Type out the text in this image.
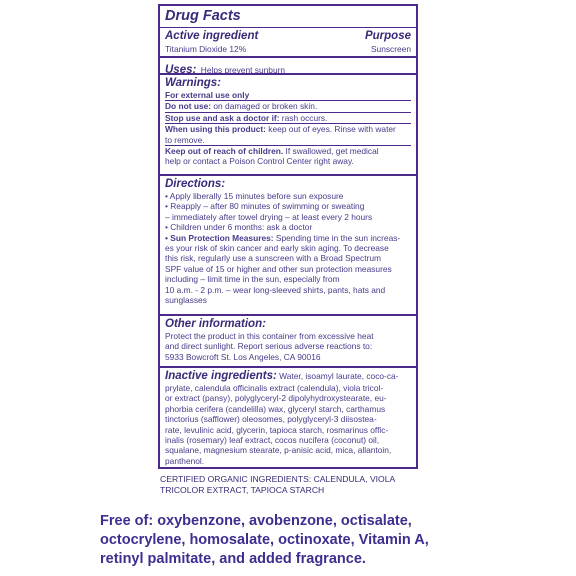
Drug Facts
Active ingredient	Purpose
Titanium Dioxide 12%	Sunscreen
Uses: Helps prevent sunburn
Warnings:
For external use only
Do not use: on damaged or broken skin.
Stop use and ask a doctor if: rash occurs.
When using this product: keep out of eyes. Rinse with water
to remove.
Keep out of reach of children. If swallowed, get medical
help or contact a Poison Control Center right away.
Directions:
• Apply liberally 15 minutes before sun exposure
• Reapply – after 80 minutes of swimming or sweating
– immediately after towel drying – at least every 2 hours
• Children under 6 months: ask a doctor
• Sun Protection Measures: Spending time in the sun increas-
es your risk of skin cancer and early skin aging. To decrease
this risk, regularly use a sunscreen with a Broad Spectrum
SPF value of 15 or higher and other sun protection measures
including – limit time in the sun, especially from
10 a.m. - 2 p.m. – wear long-sleeved shirts, pants, hats and
sunglasses
Other information:
Protect the product in this container from excessive heat
and direct sunlight. Report serious adverse reactions to:
5933 Bowcroft St. Los Angeles, CA 90016
Inactive ingredients: Water, isoamyl laurate, coco-ca-
prylate, calendula officinalis extract (calendula), viola tricol-
or extract (pansy), polyglyceryl-2 dipolyhydroxystearate, eu-
phorbia cerifera (candelilla) wax, glyceryl starch, carthamus
tinctorius (safflower) oleosomes, polyglyceryl-3 diisostea-
rate, levulinic acid, glycerin, tapioca starch, rosmarinus offic-
inalis (rosemary) leaf extract, cocos nucifera (coconut) oil,
squalane, magnesium stearate, p-anisic acid, mica, allantoin,
panthenol.
CERTIFIED ORGANIC INGREDIENTS: CALENDULA, VIOLA
TRICOLOR EXTRACT, TAPIOCA STARCH
Free of: oxybenzone, avobenzone, octisalate,
octocrylene, homosalate, octinoxate, Vitamin A,
retinyl palmitate, and added fragrance.
